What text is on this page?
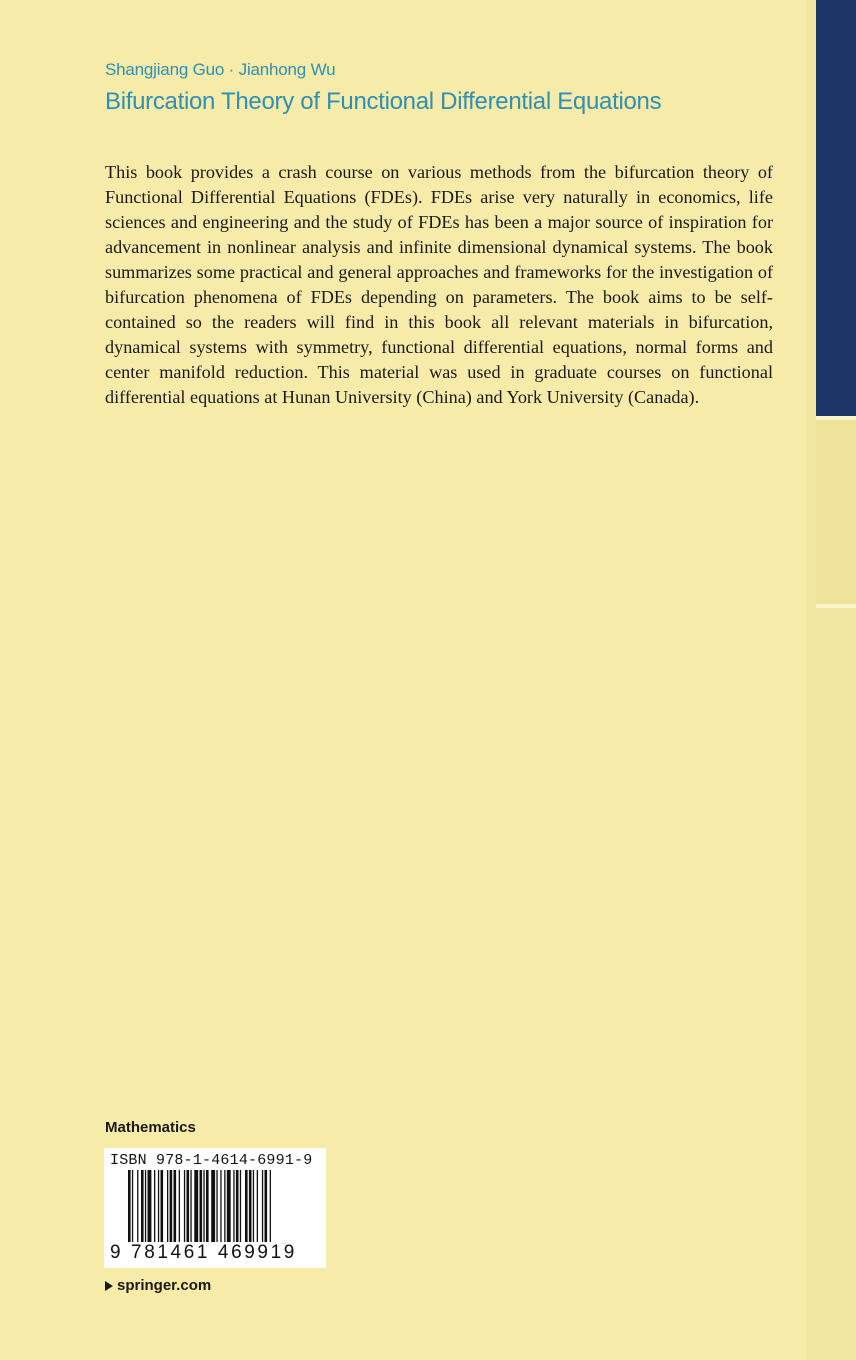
Shangjiang Guo · Jianhong Wu
Bifurcation Theory of Functional Differential Equations

This book provides a crash course on various methods from the bifurcation theory of Functional Differential Equations (FDEs). FDEs arise very naturally in economics, life sciences and engineering and the study of FDEs has been a major source of inspiration for advancement in nonlinear analysis and infinite dimensional dynamical systems. The book summarizes some practical and general approaches and frameworks for the investigation of bifurcation phenomena of FDEs depending on parameters. The book aims to be self-contained so the readers will find in this book all relevant materials in bifurcation, dynamical systems with symmetry, functional differential equations, normal forms and center manifold reduction. This material was used in graduate courses on functional differential equations at Hunan University (China) and York University (Canada).

Mathematics
ISBN 978-1-4614-6991-9
9 781461 469919
springer.com
